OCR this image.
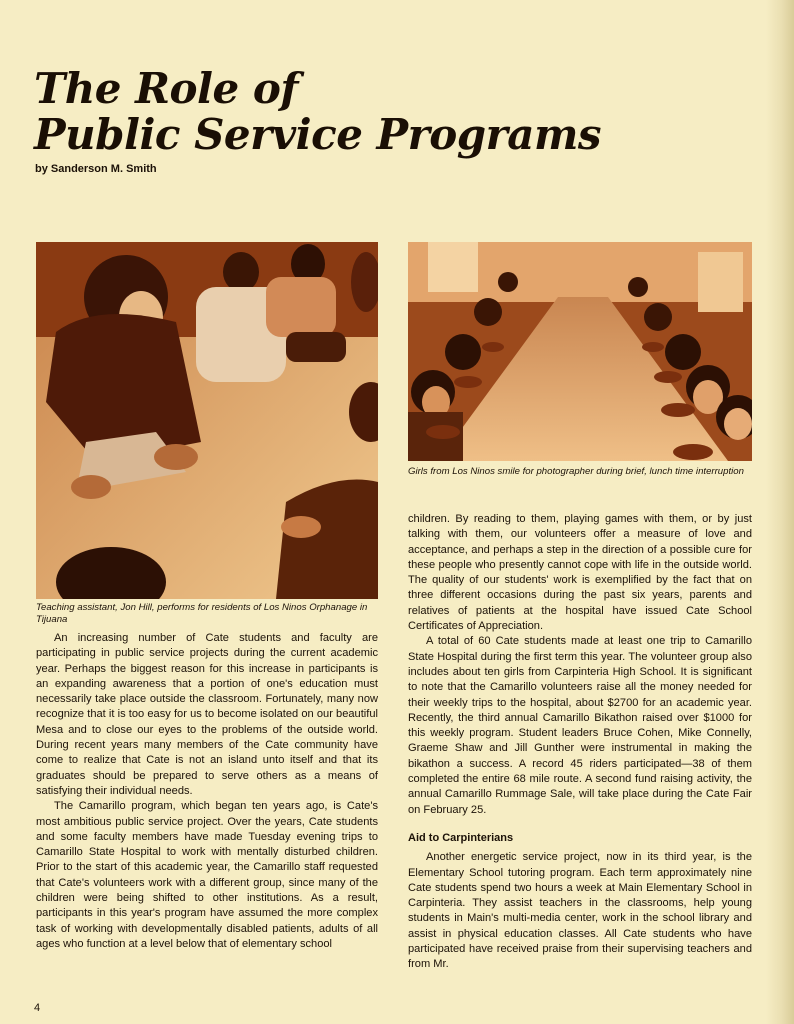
The Role of
Public Service Programs
by Sanderson M. Smith

Teaching assistant, Jon Hill, performs for residents of Los Ninos Orphanage in Tijuana

Girls from Los Ninos smile for photographer during brief, lunch time interruption

An increasing number of Cate students and faculty are participating in public service projects during the current academic year. Perhaps the biggest reason for this increase in participants is an expanding awareness that a portion of one's education must necessarily take place outside the classroom. Fortunately, many now recognize that it is too easy for us to become isolated on our beautiful Mesa and to close our eyes to the problems of the outside world. During recent years many members of the Cate community have come to realize that Cate is not an island unto itself and that its graduates should be prepared to serve others as a means of satisfying their individual needs.

The Camarillo program, which began ten years ago, is Cate's most ambitious public service project. Over the years, Cate students and some faculty members have made Tuesday evening trips to Camarillo State Hospital to work with mentally disturbed children. Prior to the start of this academic year, the Camarillo staff requested that Cate's volunteers work with a different group, since many of the children were being shifted to other institutions. As a result, participants in this year's program have assumed the more complex task of working with developmentally disabled patients, adults of all ages who function at a level below that of elementary school

children. By reading to them, playing games with them, or by just talking with them, our volunteers offer a measure of love and acceptance, and perhaps a step in the direction of a possible cure for these people who presently cannot cope with life in the outside world. The quality of our students' work is exemplified by the fact that on three different occasions during the past six years, parents and relatives of patients at the hospital have issued Cate School Certificates of Appreciation.

A total of 60 Cate students made at least one trip to Camarillo State Hospital during the first term this year. The volunteer group also includes about ten girls from Carpinteria High School. It is significant to note that the Camarillo volunteers raise all the money needed for their weekly trips to the hospital, about $2700 for an academic year. Recently, the third annual Camarillo Bikathon raised over $1000 for this weekly program. Student leaders Bruce Cohen, Mike Connelly, Graeme Shaw and Jill Gunther were instrumental in making the bikathon a success. A record 45 riders participated—38 of them completed the entire 68 mile route. A second fund raising activity, the annual Camarillo Rummage Sale, will take place during the Cate Fair on February 25.

Aid to Carpinterians

Another energetic service project, now in its third year, is the Elementary School tutoring program. Each term approximately nine Cate students spend two hours a week at Main Elementary School in Carpinteria. They assist teachers in the classrooms, help young students in Main's multi-media center, work in the school library and assist in physical education classes. All Cate students who have participated have received praise from their supervising teachers and from Mr.

4
